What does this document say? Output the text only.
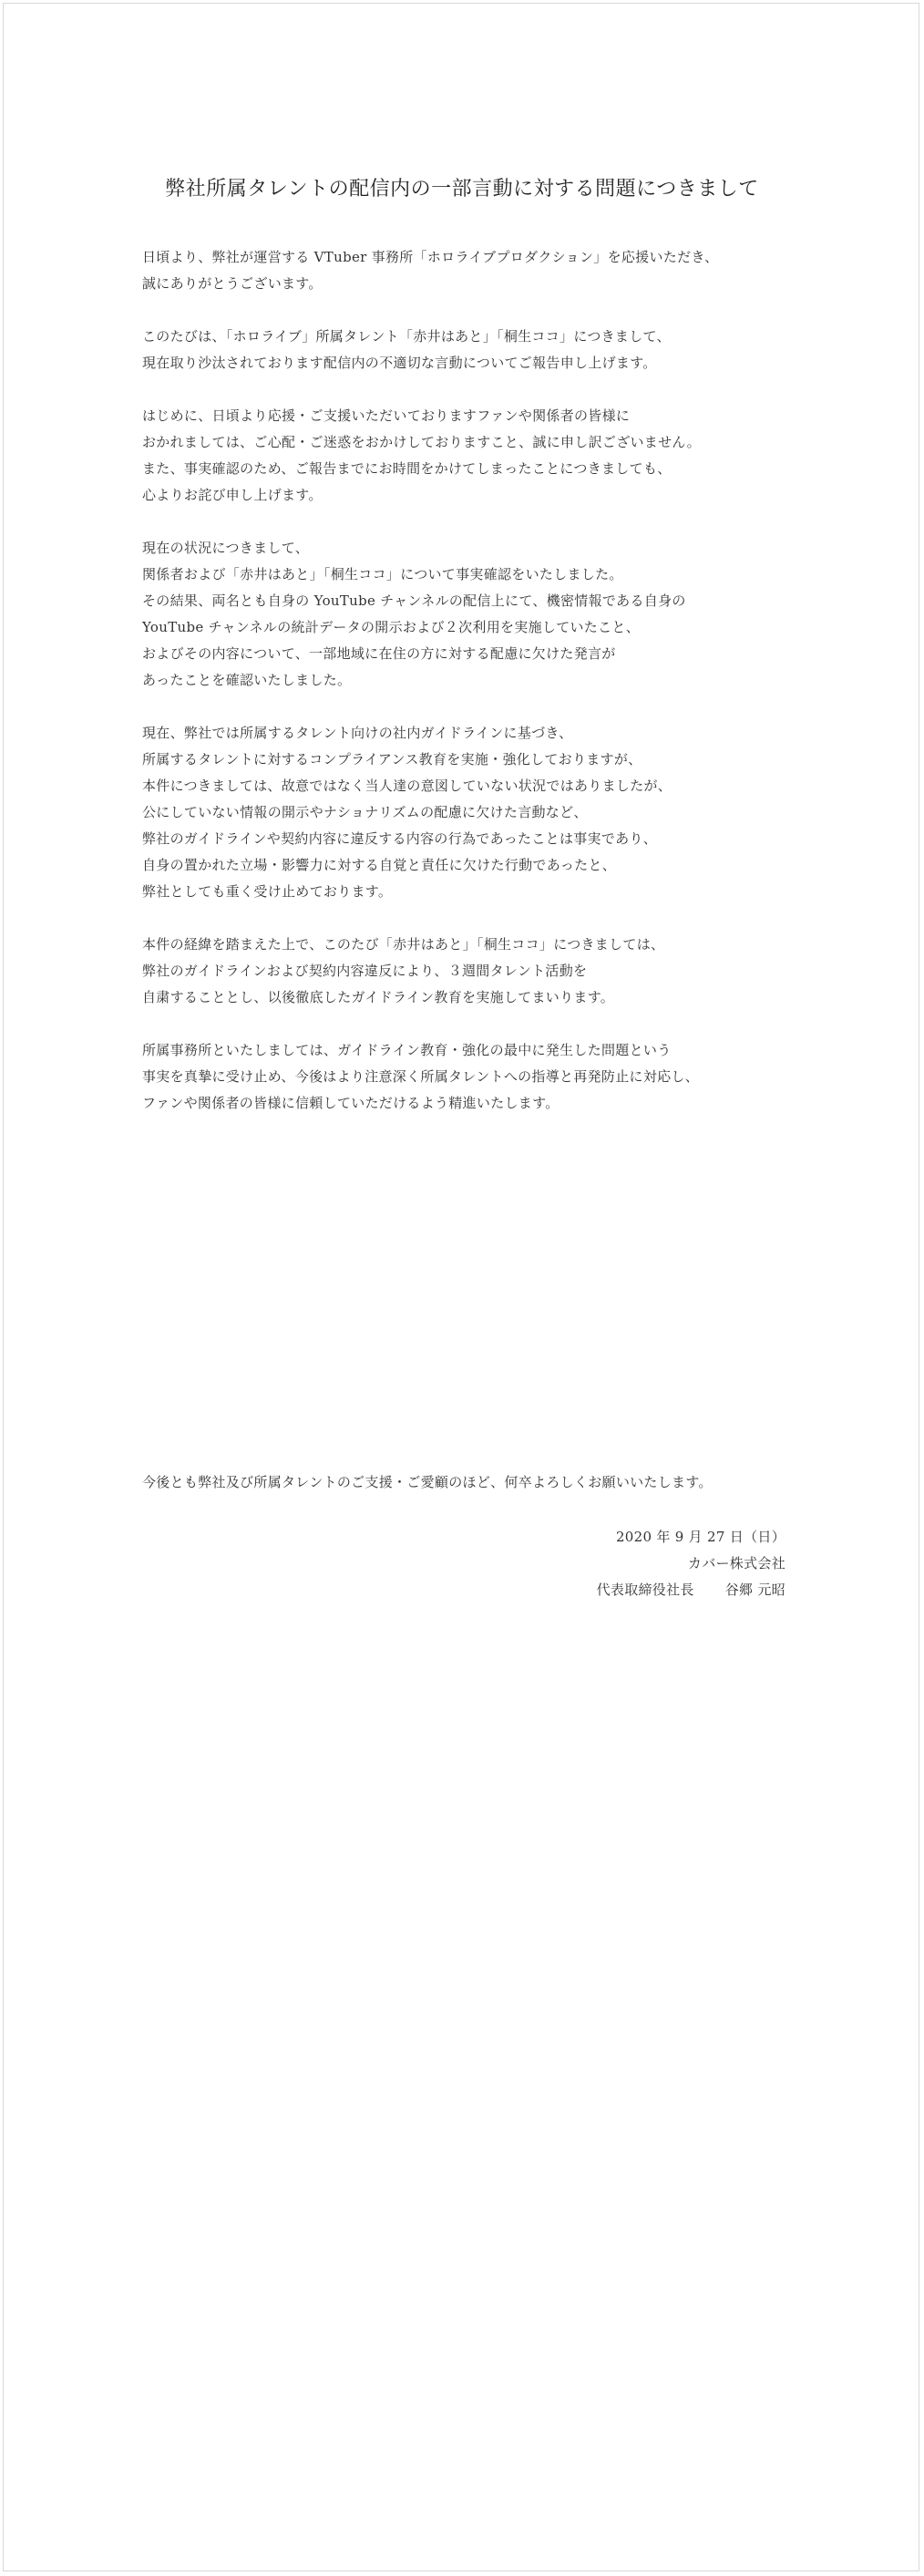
弊社所属タレントの配信内の一部言動に対する問題につきまして
日頃より、弊社が運営する VTuber 事務所「ホロライブプロダクション」を応援いただき、
誠にありがとうございます。
このたびは、「ホロライブ」所属タレント「赤井はあと」「桐生ココ」につきまして、
現在取り沙汰されております配信内の不適切な言動についてご報告申し上げます。
はじめに、日頃より応援・ご支援いただいておりますファンや関係者の皆様に
おかれましては、ご心配・ご迷惑をおかけしておりますこと、誠に申し訳ございません。
また、事実確認のため、ご報告までにお時間をかけてしまったことにつきましても、
心よりお詫び申し上げます。
現在の状況につきまして、
関係者および「赤井はあと」「桐生ココ」について事実確認をいたしました。
その結果、両名とも自身の YouTube チャンネルの配信上にて、機密情報である自身の
YouTube チャンネルの統計データの開示および２次利用を実施していたこと、
およびその内容について、一部地域に在住の方に対する配慮に欠けた発言が
あったことを確認いたしました。
現在、弊社では所属するタレント向けの社内ガイドラインに基づき、
所属するタレントに対するコンプライアンス教育を実施・強化しておりますが、
本件につきましては、故意ではなく当人達の意図していない状況ではありましたが、
公にしていない情報の開示やナショナリズムの配慮に欠けた言動など、
弊社のガイドラインや契約内容に違反する内容の行為であったことは事実であり、
自身の置かれた立場・影響力に対する自覚と責任に欠けた行動であったと、
弊社としても重く受け止めております。
本件の経緯を踏まえた上で、このたび「赤井はあと」「桐生ココ」につきましては、
弊社のガイドラインおよび契約内容違反により、３週間タレント活動を
自粛することとし、以後徹底したガイドライン教育を実施してまいります。
所属事務所といたしましては、ガイドライン教育・強化の最中に発生した問題という
事実を真摯に受け止め、今後はより注意深く所属タレントへの指導と再発防止に対応し、
ファンや関係者の皆様に信頼していただけるよう精進いたします。
今後とも弊社及び所属タレントのご支援・ご愛顧のほど、何卒よろしくお願いいたします。
2020 年 9 月 27 日（日）
カバー株式会社
代表取締役社長 谷郷 元昭
